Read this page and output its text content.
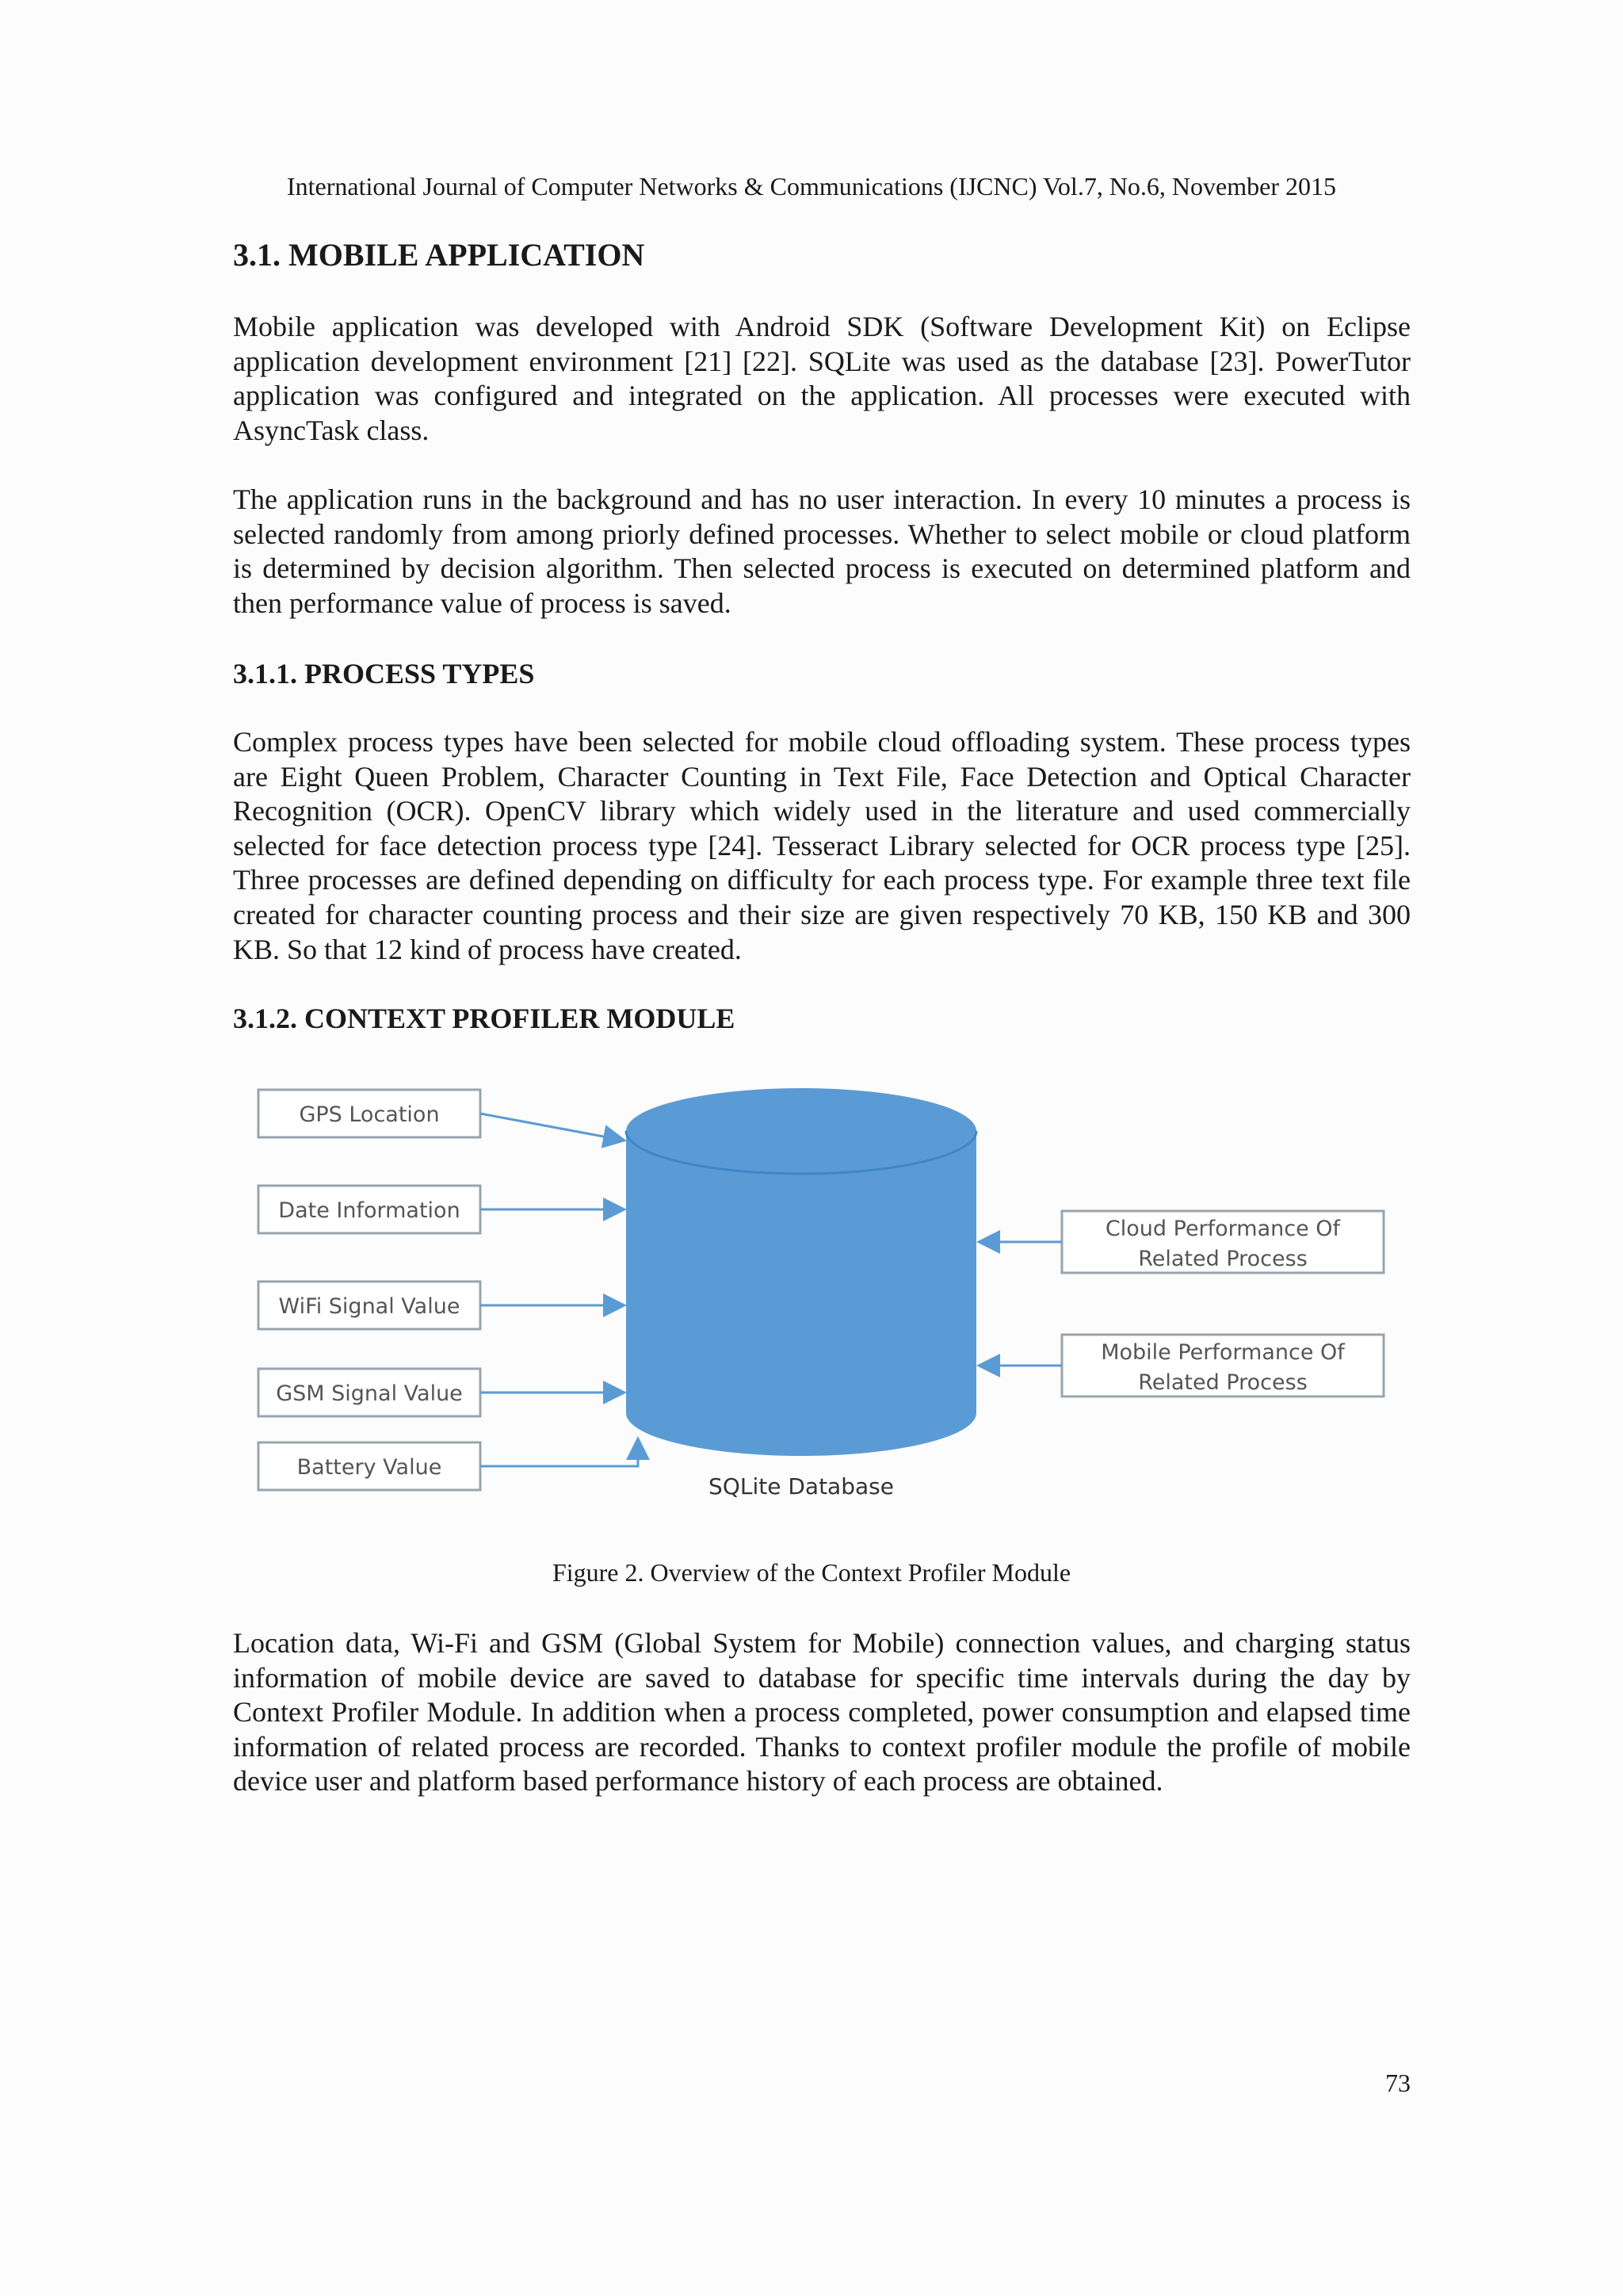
International Journal of Computer Networks & Communications (IJCNC) Vol.7, No.6, November 2015
3.1. MOBILE APPLICATION

Mobile application was developed with Android SDK (Software Development Kit) on Eclipse application development environment [21] [22]. SQLite was used as the database [23]. PowerTutor application was configured and integrated on the application. All processes were executed with AsyncTask class.

The application runs in the background and has no user interaction. In every 10 minutes a process is selected randomly from among priorly defined processes. Whether to select mobile or cloud platform is determined by decision algorithm. Then selected process is executed on determined platform and then performance value of process is saved.

3.1.1. PROCESS TYPES

Complex process types have been selected for mobile cloud offloading system. These process types are Eight Queen Problem, Character Counting in Text File, Face Detection and Optical Character Recognition (OCR). OpenCV library which widely used in the literature and used commercially selected for face detection process type [24]. Tesseract Library selected for OCR process type [25]. Three processes are defined depending on difficulty for each process type. For example three text file created for character counting process and their size are given respectively 70 KB, 150 KB and 300 KB. So that 12 kind of process have created.

3.1.2. CONTEXT PROFILER MODULE
GPS Location
Date Information
WiFi Signal Value
GSM Signal Value
Battery Value
SQLite Database
Cloud Performance Of
Related Process
Mobile Performance Of
Related Process
Figure 2. Overview of the Context Profiler Module

Location data, Wi-Fi and GSM (Global System for Mobile) connection values, and charging status information of mobile device are saved to database for specific time intervals during the day by Context Profiler Module. In addition when a process completed, power consumption and elapsed time information of related process are recorded. Thanks to context profiler module the profile of mobile device user and platform based performance history of each process are obtained.

73
